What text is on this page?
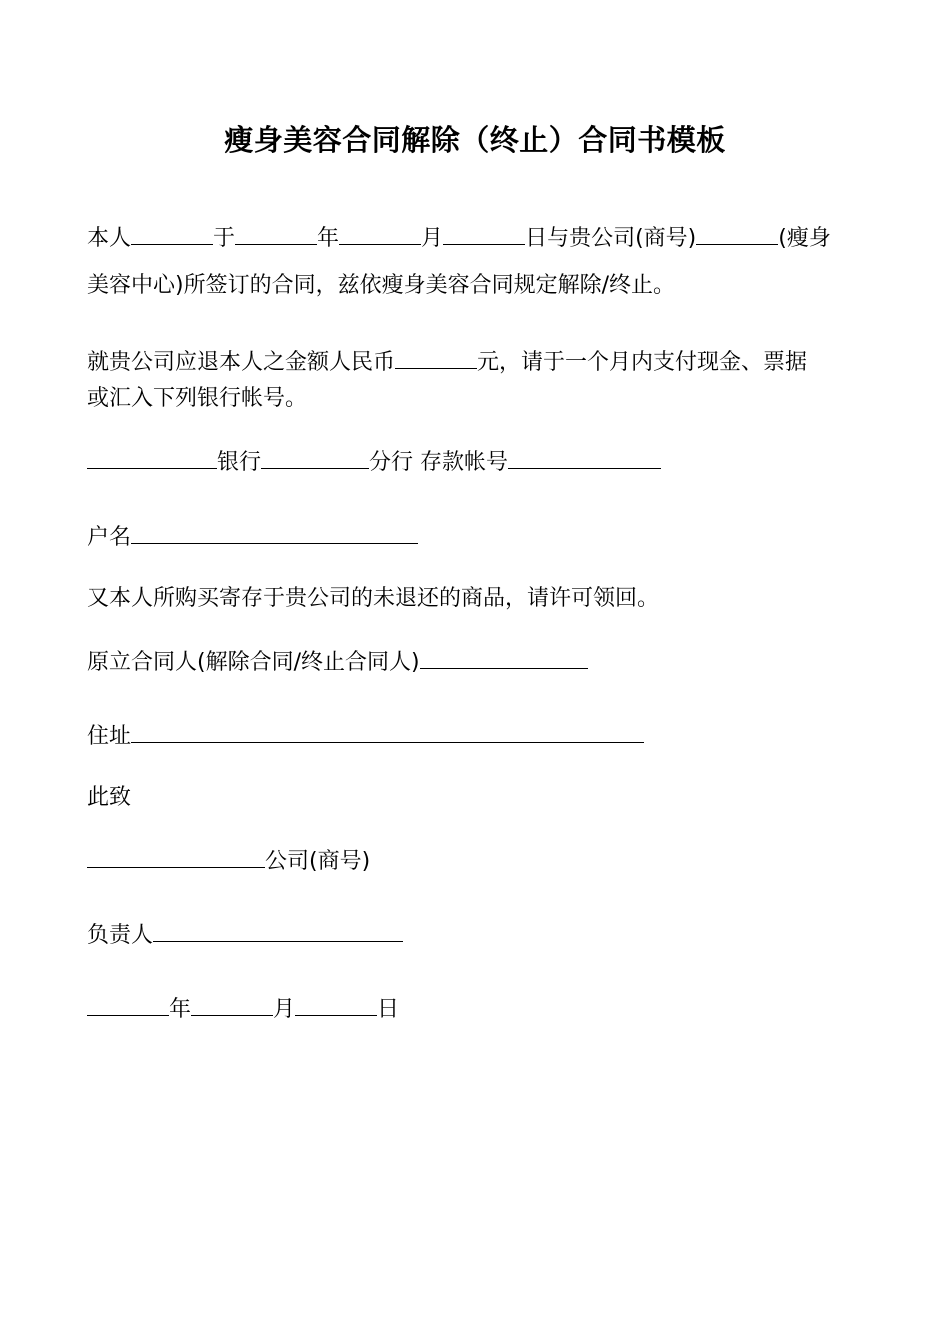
瘦身美容合同解除（终止）合同书模板
本人	于	年	月	日与贵公司(商号)	(瘦身
美容中心)所签订的合同，兹依瘦身美容合同规定解除/终止。
就贵公司应退本人之金额人民币	元，请于一个月内支付现金、票据
或汇入下列银行帐号。
银行	分行 存款帐号
户名
又本人所购买寄存于贵公司的未退还的商品，请许可领回。
原立合同人(解除合同/终止合同人)
住址
此致
公司(商号)
负责人
年	月	日
